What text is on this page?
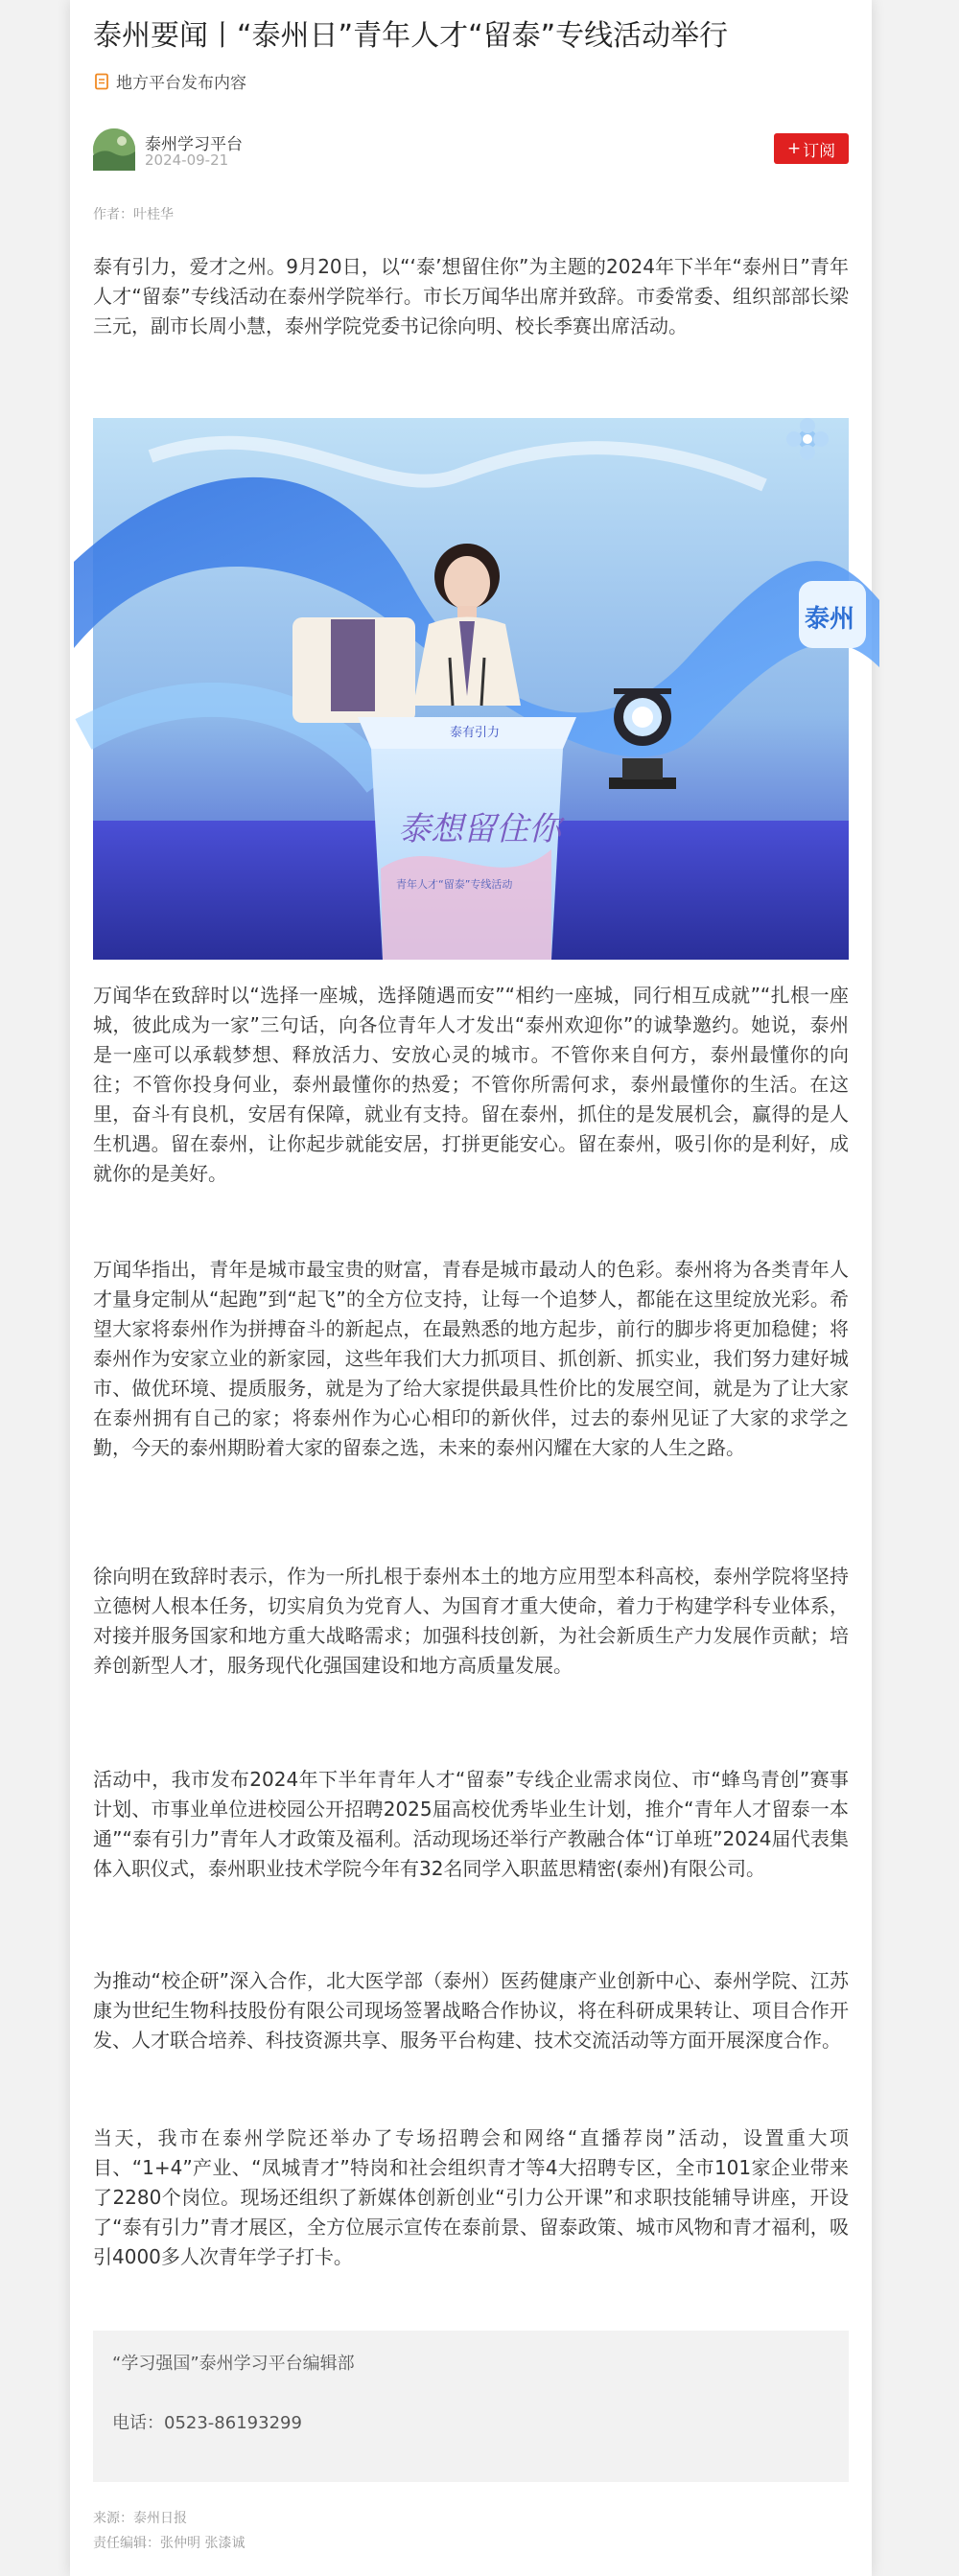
泰州要闻丨“泰州日”青年人才“留泰”专线活动举行
地方平台发布内容
泰州学习平台
2024-09-21
+ 订阅
作者：叶桂华

泰有引力，爱才之州。9月20日，以“‘泰’想留住你”为主题的2024年下半年“泰州日”青年人才“留泰”专线活动在泰州学院举行。市长万闻华出席并致辞。市委常委、组织部部长梁三元，副市长周小慧，泰州学院党委书记徐向明、校长季赛出席活动。

泰州
泰有引力
泰想留住你
青年人才“留泰”专线活动

万闻华在致辞时以“选择一座城，选择随遇而安”“相约一座城，同行相互成就”“扎根一座城，彼此成为一家”三句话，向各位青年人才发出“泰州欢迎你”的诚挚邀约。她说，泰州是一座可以承载梦想、释放活力、安放心灵的城市。不管你来自何方，泰州最懂你的向往；不管你投身何业，泰州最懂你的热爱；不管你所需何求，泰州最懂你的生活。在这里，奋斗有良机，安居有保障，就业有支持。留在泰州，抓住的是发展机会，赢得的是人生机遇。留在泰州，让你起步就能安居，打拼更能安心。留在泰州，吸引你的是利好，成就你的是美好。

万闻华指出，青年是城市最宝贵的财富，青春是城市最动人的色彩。泰州将为各类青年人才量身定制从“起跑”到“起飞”的全方位支持，让每一个追梦人，都能在这里绽放光彩。希望大家将泰州作为拼搏奋斗的新起点，在最熟悉的地方起步，前行的脚步将更加稳健；将泰州作为安家立业的新家园，这些年我们大力抓项目、抓创新、抓实业，我们努力建好城市、做优环境、提质服务，就是为了给大家提供最具性价比的发展空间，就是为了让大家在泰州拥有自己的家；将泰州作为心心相印的新伙伴，过去的泰州见证了大家的求学之勤，今天的泰州期盼着大家的留泰之选，未来的泰州闪耀在大家的人生之路。

徐向明在致辞时表示，作为一所扎根于泰州本土的地方应用型本科高校，泰州学院将坚持立德树人根本任务，切实肩负为党育人、为国育才重大使命，着力于构建学科专业体系，对接并服务国家和地方重大战略需求；加强科技创新，为社会新质生产力发展作贡献；培养创新型人才，服务现代化强国建设和地方高质量发展。

活动中，我市发布2024年下半年青年人才“留泰”专线企业需求岗位、市“蜂鸟青创”赛事计划、市事业单位进校园公开招聘2025届高校优秀毕业生计划，推介“青年人才留泰一本通”“泰有引力”青年人才政策及福利。活动现场还举行产教融合体“订单班”2024届代表集体入职仪式，泰州职业技术学院今年有32名同学入职蓝思精密(泰州)有限公司。

为推动“校企研”深入合作，北大医学部（泰州）医药健康产业创新中心、泰州学院、江苏康为世纪生物科技股份有限公司现场签署战略合作协议，将在科研成果转让、项目合作开发、人才联合培养、科技资源共享、服务平台构建、技术交流活动等方面开展深度合作。

当天，我市在泰州学院还举办了专场招聘会和网络“直播荐岗”活动，设置重大项目、“1+4”产业、“凤城青才”特岗和社会组织青才等4大招聘专区，全市101家企业带来了2280个岗位。现场还组织了新媒体创新创业“引力公开课”和求职技能辅导讲座，开设了“泰有引力”青才展区，全方位展示宣传在泰前景、留泰政策、城市风物和青才福利，吸引4000多人次青年学子打卡。

“学习强国”泰州学习平台编辑部
电话：0523-86193299
来源：泰州日报
责任编辑：张仲明 张漆诚
